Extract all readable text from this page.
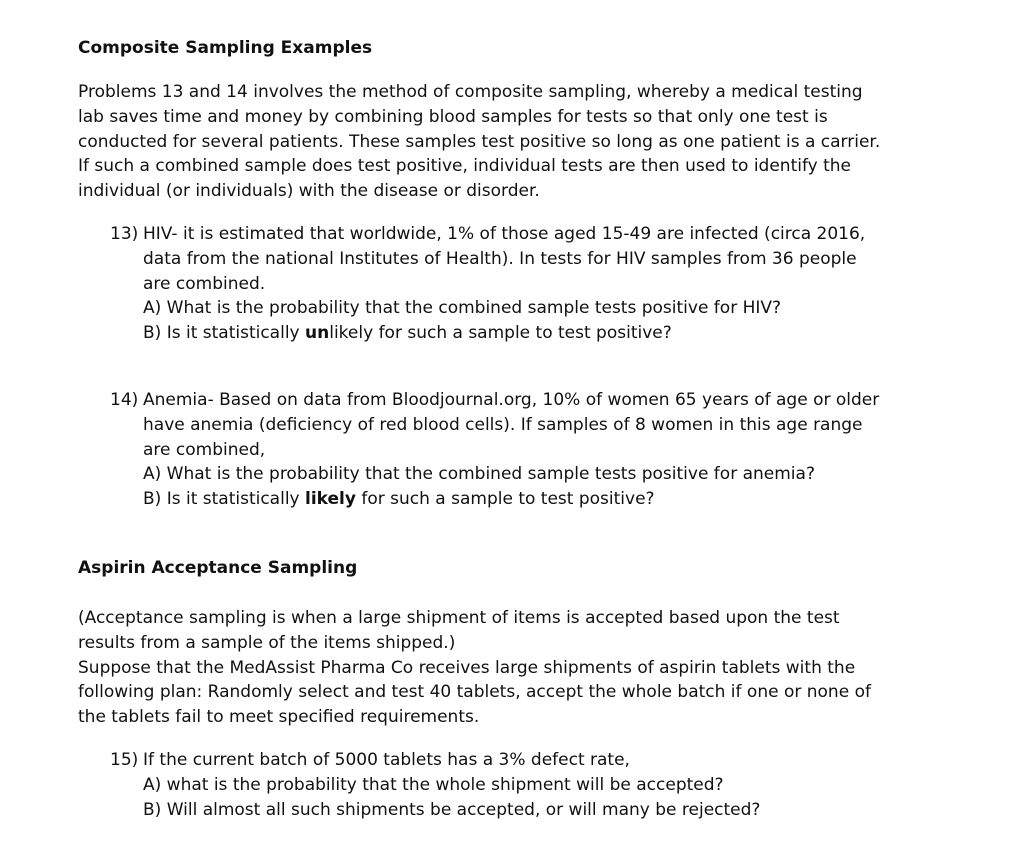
Composite Sampling Examples
Problems 13 and 14 involves the method of composite sampling, whereby a medical testing
lab saves time and money by combining blood samples for tests so that only one test is
conducted for several patients. These samples test positive so long as one patient is a carrier.
If such a combined sample does test positive, individual tests are then used to identify the
individual (or individuals) with the disease or disorder.
13) HIV- it is estimated that worldwide, 1% of those aged 15-49 are infected (circa 2016,
data from the national Institutes of Health). In tests for HIV samples from 36 people
are combined.
A) What is the probability that the combined sample tests positive for HIV?
B) Is it statistically unlikely for such a sample to test positive?
14) Anemia- Based on data from Bloodjournal.org, 10% of women 65 years of age or older
have anemia (deficiency of red blood cells). If samples of 8 women in this age range
are combined,
A) What is the probability that the combined sample tests positive for anemia?
B) Is it statistically likely for such a sample to test positive?
Aspirin Acceptance Sampling
(Acceptance sampling is when a large shipment of items is accepted based upon the test
results from a sample of the items shipped.)
Suppose that the MedAssist Pharma Co receives large shipments of aspirin tablets with the
following plan: Randomly select and test 40 tablets, accept the whole batch if one or none of
the tablets fail to meet specified requirements.
15) If the current batch of 5000 tablets has a 3% defect rate,
A) what is the probability that the whole shipment will be accepted?
B) Will almost all such shipments be accepted, or will many be rejected?
